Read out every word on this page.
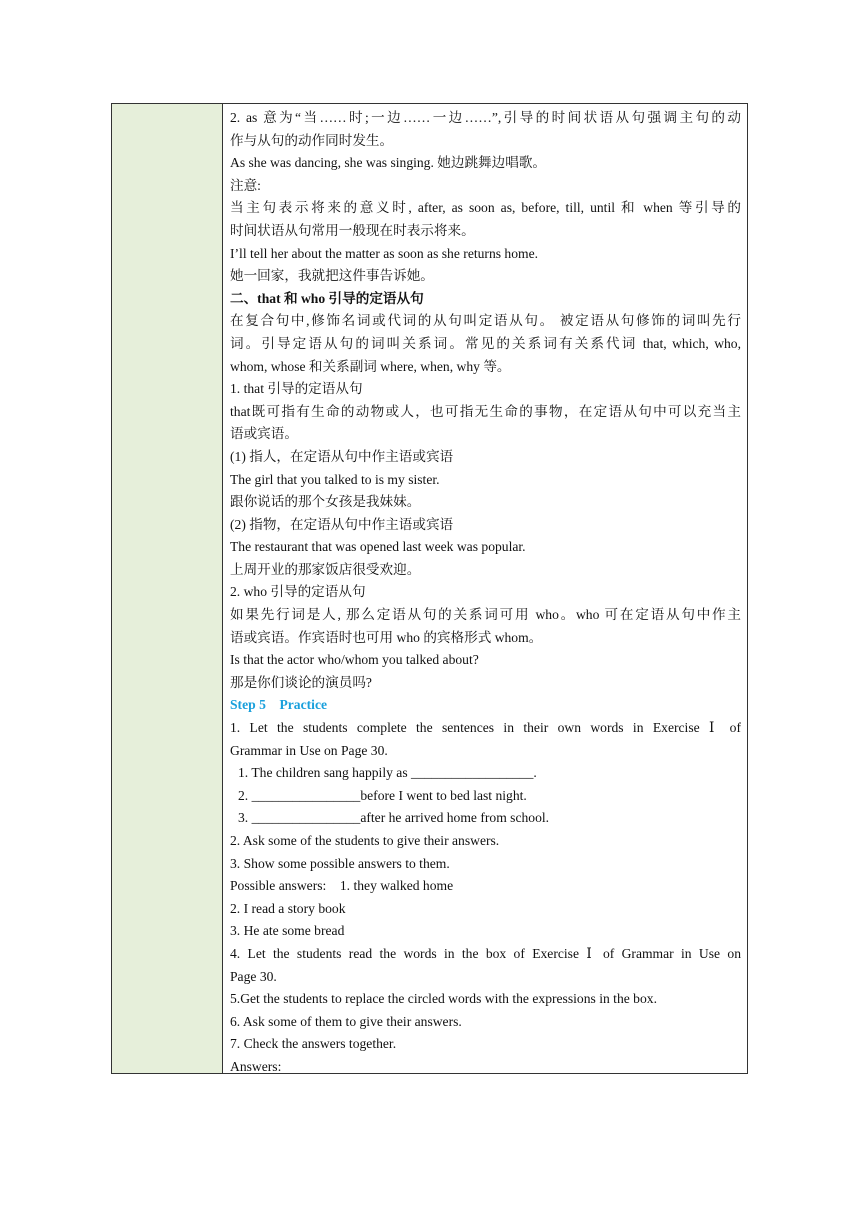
2. as 意为“当……时;一边……一边……”,引导的时间状语从句强调主句的动
作与从句的动作同时发生。
As she was dancing, she was singing. 她边跳舞边唱歌。
注意:
当主句表示将来的意义时, after, as soon as, before, till, until 和 when 等引导的
时间状语从句常用一般现在时表示将来。
I’ll tell her about the matter as soon as she returns home.
她一回家，我就把这件事告诉她。
二、that 和 who 引导的定语从句
在复合句中,修饰名词或代词的从句叫定语从句。 被定语从句修饰的词叫先行
词。引导定语从句的词叫关系词。常见的关系词有关系代词 that, which, who,
whom, whose 和关系副词 where, when, why 等。
1. that 引导的定语从句
that既可指有生命的动物或人，也可指无生命的事物，在定语从句中可以充当主
语或宾语。
(1) 指人，在定语从句中作主语或宾语
The girl that you talked to is my sister.
跟你说话的那个女孩是我妹妹。
(2) 指物，在定语从句中作主语或宾语
The restaurant that was opened last week was popular.
上周开业的那家饭店很受欢迎。
2. who 引导的定语从句
如果先行词是人, 那么定语从句的关系词可用 who。who 可在定语从句中作主
语或宾语。作宾语时也可用 who 的宾格形式 whom。
Is that the actor who/whom you talked about?
那是你们谈论的演员吗?
Step 5    Practice
1. Let the students complete the sentences in their own words in Exercise Ⅰ of
Grammar in Use on Page 30.
1. The children sang happily as __________________.
2. ________________before I went to bed last night.
3. ________________after he arrived home from school.
2. Ask some of the students to give their answers.
3. Show some possible answers to them.
Possible answers:    1. they walked home
2. I read a story book
3. He ate some bread
4. Let the students read the words in the box of Exercise Ⅰ of Grammar in Use on
Page 30.
5.Get the students to replace the circled words with the expressions in the box.
6. Ask some of them to give their answers.
7. Check the answers together.
Answers:
